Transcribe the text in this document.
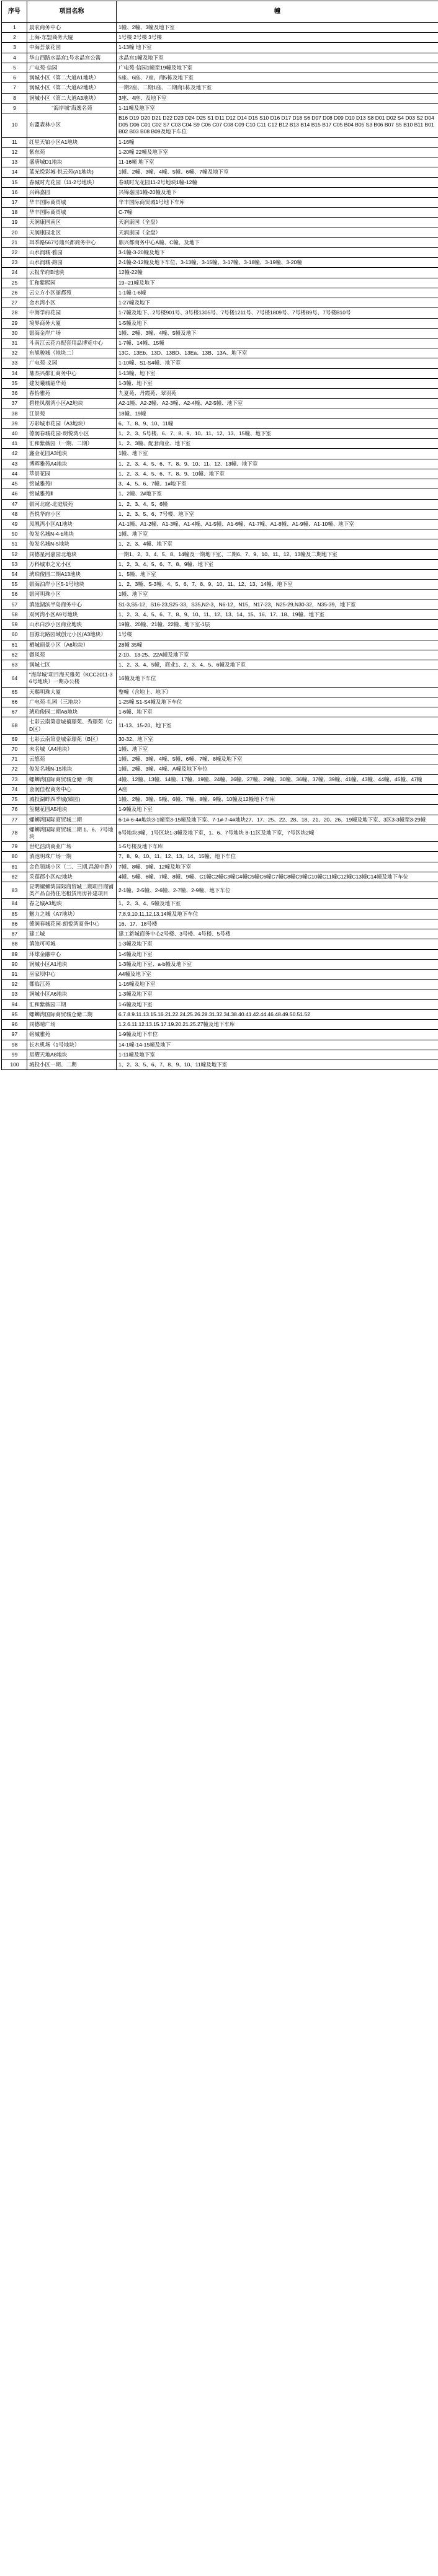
序号	项目名称	幢
1	晨农商务中心	1幢、2幢、3幢及地下室
2	上海·东盟商务大厦	1号楼 2号楼 3号楼
3	中海荟景花园	1-13幢 地下室
4	华山西路水晶宫1号水晶宫公寓	水晶宫1幢及地下室
5	广电苑·信园	广电苑·信园1幢至19幢及地下室
6	润城小区（第二大道A1地块）	5座、6座、7座、商5栋及地下室
7	润城小区（第二大道A2地块）	一期2座、二期1座、二期商1栋及地下室
8	润城小区（第二大道A3地块）	3座、4座、及地下室
9	“海岸城”海逸名苑	1-11幢及地下室
10	东盟森林小区	B16 D19 D20 D21 D22 D23 D24 D25 S1 D11 D12 D14 D15 S10 D16 D17 D18 S6 D07 D08 D09 D10 D13 S8 D01 D02 S4 D03 S2 D04 D05 D06 C01 C02 S7 C03 C04 S9 C06 C07 C08 C09 C10 C11 C12 B12 B13 B14 B15 B17 C05 B04 B05 S3 B06 B07 S5 B10 B11 B01 B02 B03 B08 B09及地下车位
11	红星天铂小区A1地块	1-16幢
12	紫东苑	1-20幢 22幢及地下室
13	盛唐城D1地块	11-16幢 地下室
14	蓝光悦彩城·悦云苑(A1地块)	1幢、2幢、3幢、4幢、5幢、6幢、7幢及地下室
15	春城时光花园（11-2号地块）	春城时光花园11-2号地块1幢-12幢
16	兴锦嘉园	兴锦嘉园1幢-20幢及地下
17	华丰国际商贸城	华丰国际商贸城1号地下车库
18	华丰国际商贸城	C-7幢
19	天润康园南区	天润康园（全盘）
20	天润康园北区	天润康园（全盘）
21	珥季路567号鼎兴都商务中心	鼎兴都商务中心A幢、C幢、及地下
22	山水润城·雅园	3-1幢-3-20幢及地下
23	山水润城·韵园	2-1幢-2-12幢及地下车位、3-13幢、3-15幢、3-17幢、3-18幢、3-19幢、3-20幢
24	云报华府B地块	12幢-22幢
25	汇和紫熙园	19--21幢及地下
26	云立方小区丽都苑	1-1幢-1-6幢
27	金水湾小区	1-27幢及地下
28	中海学府花园	1-7幢及地下、2号楼901号、3号楼1305号、7号楼1211号、7号楼1809号、7号楼B9号、7号楼B10号
29	境界商务大厦	1-5幢及地下
30	银海金岸广场	1幢、2幢、3幢、4幢、5幢及地下
31	斗南江云花卉配套用品博览中心	1-7幢、14幢、15幢
32	东旭骏城（地块二）	13C、13Eb、13D、13BD、13Ea、13B、13A、地下室
33	广电苑·义园	1-10幢、S1-S4幢、地下室
34	鼎杰兴都汇商务中心	1-13幢、地下室
35	建发曦城韶华苑	1-3幢、地下室
36	春怡雅苑	九夏苑、丹霞苑、翠羽苑
37	碧桂凤凰湾小区A2地块	A2-1幢、A2-2幢、A2-3幢、A2-4幢、A2-5幢、地下室
38	江景苑	18幢、19幢
39	万彩城市花园（A3地块）	6、7、8、9、10、11幢
40	德润春城花园·朗悦湾小区	1、2、3、5号楼、6、7、8、9、10、11、12、13、15幢、地下室
41	汇和紫薇园（一期、二期）	1、2、3幢、配套商业、地下室
42	鑫金花园A3地块	1幢、地下室
43	博晖雅苑A4地块	1、2、3、4、5、6、7、8、9、10、11、12、13幢、地下室
44	萃景花园	1、2、3、4、5、6、7、8、9、10幢、地下室
45	铭诚雅苑Ⅰ	3、4、5、6、7幢、1#地下室
46	铭诚雅苑Ⅱ	1、2幢、2#地下室
47	银河北庭-北庭辰苑	1、2、3、4、5、6幢
48	吾悦华府小区	1、2、3、5、6、7号楼、地下室
49	凤凰湾小区A1地块	A1-1幢、A1-2幢、A1-3幢、A1-4幢、A1-5幢、A1-6幢、A1-7幢、A1-8幢、A1-9幢、A1-10幢、地下室
50	俊发名城N-4-b地块	1幢、地下室
51	俊发名城N-5地块	1、2、3、4幢、地下室
52	同德星河嘉园北地块	一期1、2、3、4、5、8、14幢及一期地下室、二期6、7、9、10、11、12、13幢及二期地下室
53	万科城市之光小区	1、2、3、4、5、6、7、8、9幢、地下室
54	琥珀俊园二期A13地块	1、5幢、地下室
55	银海泊岸小区5-1号地块	1、2、3幢、S-3幢、4、5、6、7、8、9、10、11、12、13、14幢、地下室
56	银河明珠小区	1幢、地下室
57	滇池湖滨半岛商务中心	S1-3,S5-12，S16-23,S25-33，S35,N2-3，N6-12，N15，N17-23，N25-29,N30-32，N35-39，地下室
58	双河湾小区A9号地块	1、2、3、4、5、6、7、8、9、10、11、12、13、14、15、16、17、18、19幢、地下室
59	山水白沙小区商业地块	19幢、20幢、21幢、22幢、地下室-1层
60	昌源北路园域创元小区(A3地块）	1号楼
61	栖城丽景小区（A6地块）	28幢 35幢
62	御风苑	2-10、13-25、22A幢及地下室
63	润城七区	1、2、3、4、5幢，商业1、2、3、4、5、6幢及地下室
64	“海岸城”项目海天雅苑（KCC2011-36号地块）一期办公楼	16幢及地下车位
65	天赐明珠大厦	整幢（含地上、地下）
66	广电苑·礼园（三地块）	1-25幢 S1-S4幢及地下车位
67	琥珀俊园二期A6地块	1-6幢、地下室
68	七彩云南第壹城禧璟苑、秀璟苑（CD区）	11-13、15-20、地下室
69	七彩云南第壹城帝璟苑（B区）	30-32、地下室
70	未名城（A4地块）	1幢、地下室
71	云悠苑	1幢、2幢、3幢、4幢、5幢、6幢、7幢、8幢及地下室
72	俊发名城N-15地块	1幢、2幢、3幢、4幢、A幢及地下车位
73	螺蛳湾国际商贸城仓储一期	4幢、12幢、13幢、14幢、17幢、19幢、24幢、26幢、27幢、29幢、30幢、36幢、37幢、39幢、41幢、43幢、44幢、45幢、47幢
74	金润佳程商务中心	A座
75	城投湖畔四季城(臻园)	1幢、2幢、3幢、5幢、6幢、7幢、8幢、9幢、10幢及12幢地下车库
76	玺樾花园A5地块	1-9幢及地下室
77	螺蛳湾国际商贸城二期	6-1#-6-4#地块3-1幢至3-15幢及地下室、7-1#-7-4#地块27、17、25、22、28、18、21、20、26、19幢及地下室、3区3-3幢至3-29幢
78	螺蛳湾国际商贸城二期 1、6、7号地块	6号地块3幢，1号区块1-3幢及地下室，1、6、7号地块 8-11区及地下室，7号区块2幢
79	世纪浩鸿商业广场	1-5号楼及地下车库
80	滇池明珠广场一期	7、8、9、10、11、12、13、14、15幢、地下车位
81	金色领域小区（二、三期,昌源中路）	7幢、8幢、9幢、12幢及地下室
82	采莲郡小区A2地块	4幢、5幢、6幢、7幢、8幢、9幢、C1幢C2幢C3幢C4幢C5幢C6幢C7幢C8幢C9幢C10幢C11幢C12幢C13幢C14幢及地下车位
83	昆明螺蛳湾国际商贸城二期项目商铺类产品自持住宅租赁用房补建项目	2-1幢、2-5幢、2-6幢、2-7幢、2-9幢、地下车位
84	春之城A3地块	1、2、3、4、5幢及地下室
85	魅力之城（A7地块）	7,8,9,10,11,12,13,14幢及地下车位
86	德润春城花园·朗悦湾商务中心	16、17、18号楼
87	建工城	建工新城商务中心2号楼、3号楼、4号楼、5号楼
88	滇池可可城	1-3幢及地下室
89	环球金融中心	1-4幢及地下室
90	润城小区A1地块	1-3幢及地下室、a-b幢及地下室
91	巫家坝中心	A4幢及地下室
92	郡临江苑	1-16幢及地下室
93	润城小区A6地块	1-3幢及地下室
94	汇和紫薇园三期	1-6幢及地下室
95	螺蛳湾国际商贸城仓储二期	6.7.8.9.11.13.15.16.21.22.24.25.26.28.31.32.34.38.40.41.42.44.46.48.49.50.51.52
96	同德晴广场	1.2.6.11.12.13.15.17.19.20.21.25.27幢及地下车库
97	铭城雅苑	1-9幢及地下车位
98	长水机场（1号地块）	14-1幢-14-15幢及地下
99	星耀天地A8地块	1-11幢及地下室
100	城投小区一期、二期	1、2、3、5、6、7、8、9、10、11幢及地下室
